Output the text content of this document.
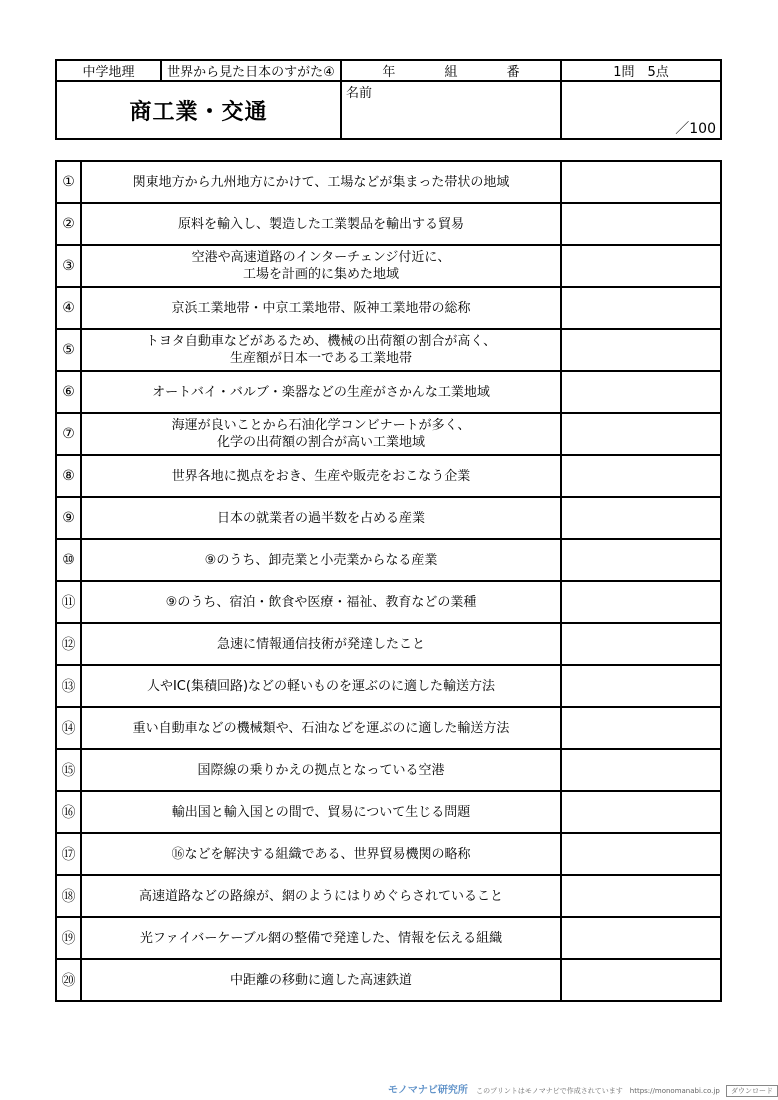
中学地理	世界から見た日本のすがた④	年 組 番	1問　5点
商工業・交通		名前	／100
①	関東地方から九州地方にかけて、工場などが集まった帯状の地域	
②	原料を輸入し、製造した工業製品を輸出する貿易	
③	空港や高速道路のインターチェンジ付近に、
工場を計画的に集めた地域	
④	京浜工業地帯・中京工業地帯、阪神工業地帯の総称	
⑤	トヨタ自動車などがあるため、機械の出荷額の割合が高く、
生産額が日本一である工業地帯	
⑥	オートバイ・バルブ・楽器などの生産がさかんな工業地域	
⑦	海運が良いことから石油化学コンビナートが多く、
化学の出荷額の割合が高い工業地域	
⑧	世界各地に拠点をおき、生産や販売をおこなう企業	
⑨	日本の就業者の過半数を占める産業	
⑩	⑨のうち、卸売業と小売業からなる産業	
⑪	⑨のうち、宿泊・飲食や医療・福祉、教育などの業種	
⑫	急速に情報通信技術が発達したこと	
⑬	人やIC(集積回路)などの軽いものを運ぶのに適した輸送方法	
⑭	重い自動車などの機械類や、石油などを運ぶのに適した輸送方法	
⑮	国際線の乗りかえの拠点となっている空港	
⑯	輸出国と輸入国との間で、貿易について生じる問題	
⑰	⑯などを解決する組織である、世界貿易機関の略称	
⑱	高速道路などの路線が、網のようにはりめぐらされていること	
⑲	光ファイバーケーブル網の整備で発達した、情報を伝える組織	
⑳	中距離の移動に適した高速鉄道	
モノマナビ研究所 このプリントはモノマナビで作成されています　https://monomanabi.co.jp ダウンロード
